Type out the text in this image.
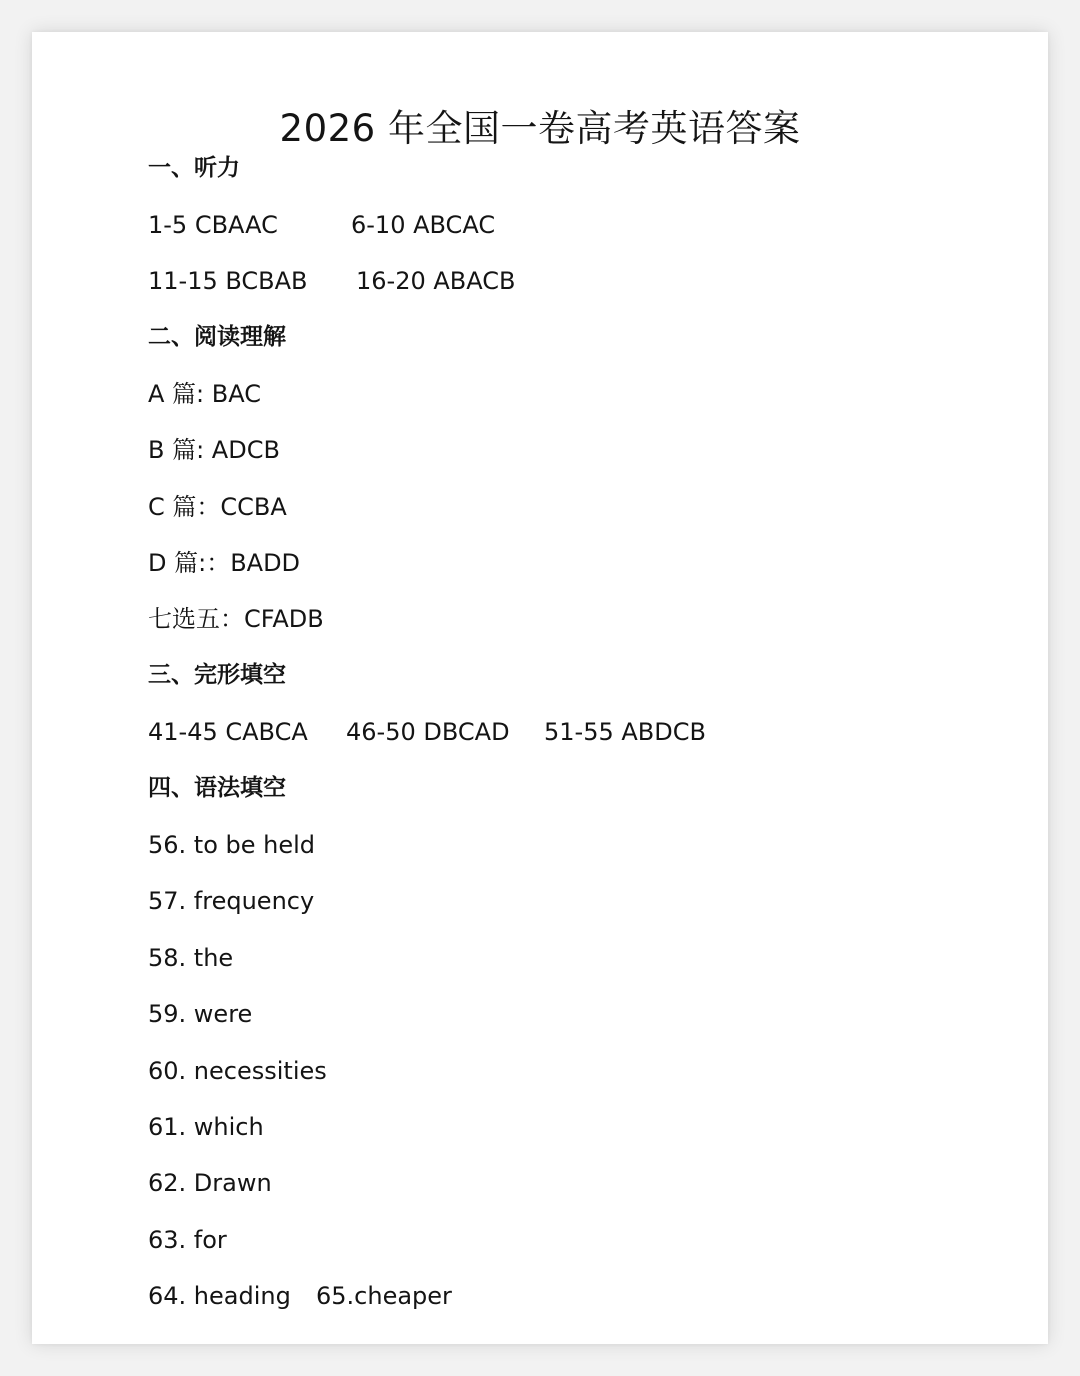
2026 年全国一卷高考英语答案
一、听力
1-5 CBAAC	6-10 ABCAC
11-15 BCBAB 16-20 ABACB
二、阅读理解
A 篇: BAC
B 篇: ADCB
C 篇：CCBA
D 篇:：BADD
七选五：CFADB
三、完形填空
41-45 CABCA 46-50 DBCAD 51-55 ABDCB
四、语法填空
56. to be held
57. frequency
58. the
59. were
60. necessities
61. which
62. Drawn
63. for
64. heading 65.cheaper
